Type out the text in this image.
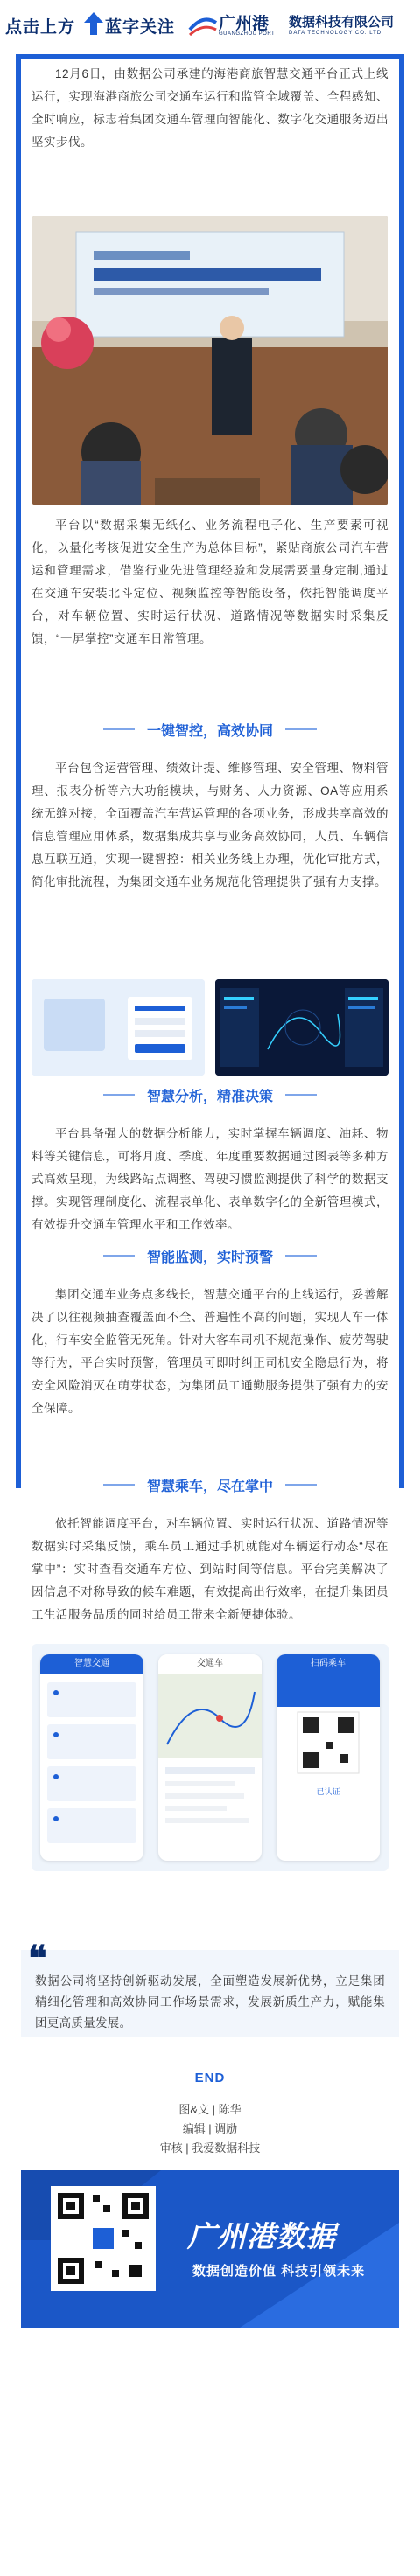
点击上方 蓝字关注	广州港
GUANGZHOU PORT
数据科技有限公司
DATA TECHNOLOGY CO.,LTD
12月6日，由数据公司承建的海港商旅智慧交通平台正式上线运行，实现海港商旅公司交通车运行和监管全域覆盖、全程感知、全时响应，标志着集团交通车管理向智能化、数字化交通服务迈出坚实步伐。
平台以“数据采集无纸化、业务流程电子化、生产要素可视化，以量化考核促进安全生产为总体目标”，紧贴商旅公司汽车营运和管理需求，借鉴行业先进管理经验和发展需要量身定制,通过在交通车安装北斗定位、视频监控等智能设备，依托智能调度平台，对车辆位置、实时运行状况、道路情况等数据实时采集反馈，“一屏掌控”交通车日常管理。
一键智控，高效协同
平台包含运营管理、绩效计提、维修管理、安全管理、物料管理、报表分析等六大功能模块，与财务、人力资源、OA等应用系统无缝对接，全面覆盖汽车营运管理的各项业务，形成共享高效的信息管理应用体系，数据集成共享与业务高效协同，人员、车辆信息互联互通，实现一键智控：相关业务线上办理，优化审批方式，简化审批流程，为集团交通车业务规范化管理提供了强有力支撑。
智慧分析，精准决策
平台具备强大的数据分析能力，实时掌握车辆调度、油耗、物料等关键信息，可将月度、季度、年度重要数据通过图表等多种方式高效呈现，为线路站点调整、驾驶习惯监测提供了科学的数据支撑。实现管理制度化、流程表单化、表单数字化的全新管理模式，有效提升交通车管理水平和工作效率。
智能监测，实时预警
集团交通车业务点多线长，智慧交通平台的上线运行，妥善解决了以往视频抽查覆盖面不全、普遍性不高的问题，实现人车一体化，行车安全监管无死角。针对大客车司机不规范操作、疲劳驾驶等行为，平台实时预警，管理员可即时纠正司机安全隐患行为，将安全风险消灭在萌芽状态，为集团员工通勤服务提供了强有力的安全保障。
智慧乘车，尽在掌中
依托智能调度平台，对车辆位置、实时运行状况、道路情况等数据实时采集反馈，乘车员工通过手机就能对车辆运行动态“尽在掌中”：实时查看交通车方位、到站时间等信息。平台完美解决了因信息不对称导致的候车难题，有效提高出行效率，在提升集团员工生活服务品质的同时给员工带来全新便捷体验。
智慧交通	交通车	扫码乘车
已认证
❝
数据公司将坚持创新驱动发展，全面塑造发展新优势，立足集团精细化管理和高效协同工作场景需求，发展新质生产力，赋能集团更高质量发展。
END
图&文 | 陈华
编辑 | 调励
审核 | 我爱数据科技
广州港数据
数据创造价值 科技引领未来
